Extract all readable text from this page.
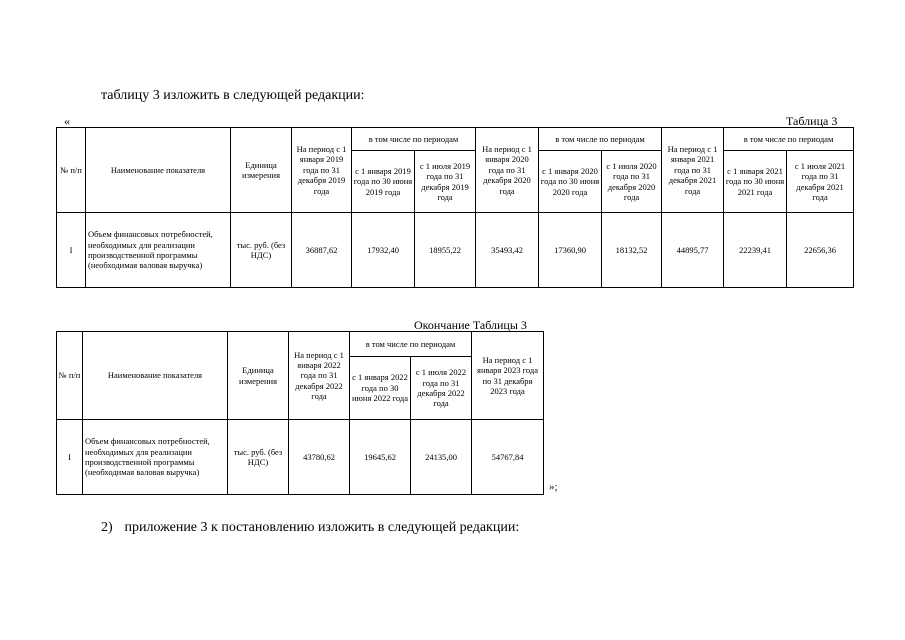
таблицу 3 изложить в следующей редакции:
«	Таблица 3
№ п/п	Наименование показателя	Единица измерения	На период с 1 января 2019 года по 31 декабря 2019 года	в том числе по периодам		На период с 1 января 2020 года по 31 декабря 2020 года	в том числе по периодам		На период с 1 января 2021 года по 31 декабря 2021 года	в том числе по периодам	
				с 1 января 2019 года по 30 июня 2019 года	с 1 июля 2019 года по 31 декабря 2019 года		с 1 января 2020 года по 30 июня 2020 года	с 1 июля 2020 года по 31 декабря 2020 года		с 1 января 2021 года по 30 июня 2021 года	с 1 июля 2021 года по 31 декабря 2021 года
I	Объем финансовых потребностей, необходимых для реализации производственной программы (необходимая валовая выручка)	тыс. руб. (без НДС)	36887,62	17932,40	18955,22	35493,42	17360,90	18132,52	44895,77	22239,41	22656,36
Окончание Таблицы 3
№ п/п	Наименование показателя	Единица измерения	На период с 1 января 2022 года по 31 декабря 2022 года	в том числе по периодам		На период с 1 января 2023 года по 31 декабря 2023 года
				с 1 января 2022 года по 30 июня 2022 года	с 1 июля 2022 года по 31 декабря 2022 года	
I	Объем финансовых потребностей, необходимых для реализации производственной программы (необходимая валовая выручка)	тыс. руб. (без НДС)	43780,62	19645,62	24135,00	54767,84
»;
2) приложение 3 к постановлению изложить в следующей редакции:
